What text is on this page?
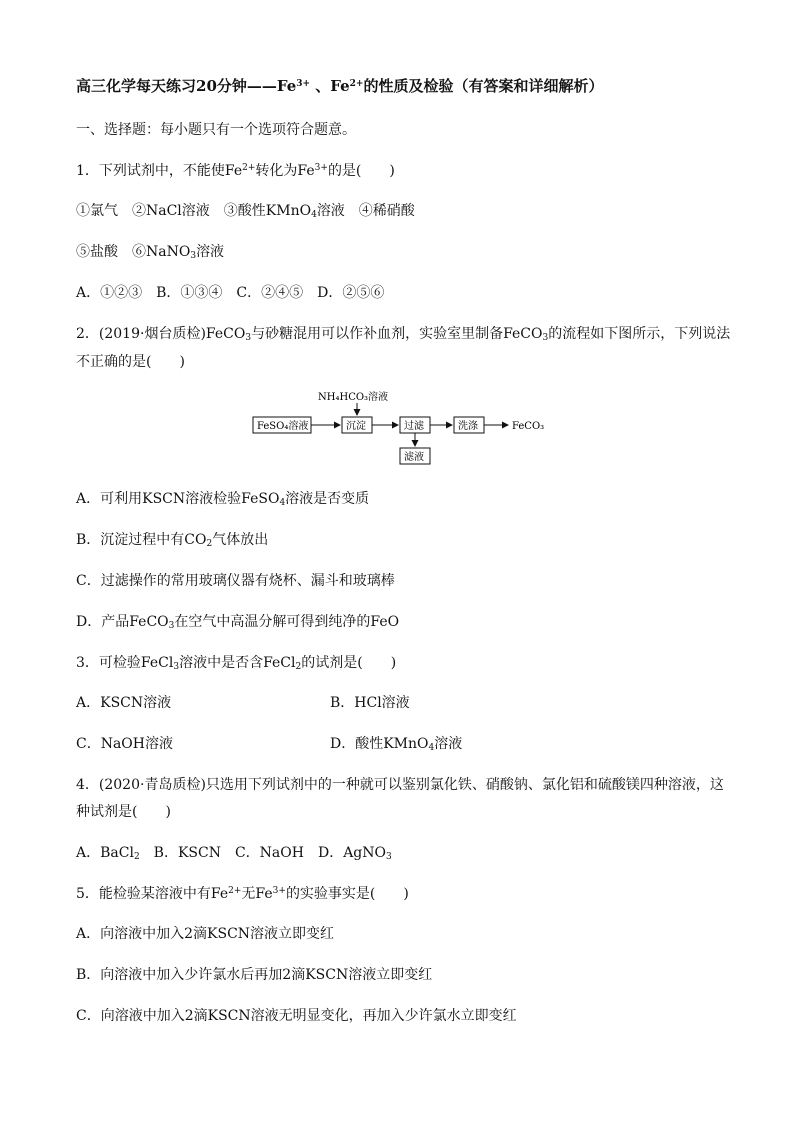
高三化学每天练习20分钟$——Fe^{3+}$ 、$Fe^{2+}$的性质及检验（有答案和详细解析）
一、选择题：每小题只有一个选项符合题意。
1．下列试剂中，不能使$Fe^{2+}$转化为$Fe^{3+}$的是(　　)
①氯气　②NaCl溶液　③酸性KMnO$_4$溶液　④稀硝酸
⑤盐酸　⑥NaNO$_3$溶液
A．①②③　B．①③④　C．②④⑤　D．②⑤⑥
2．(2019·烟台质检)FeCO$_3$与砂糖混用可以作补血剂，实验室里制备FeCO$_3$的流程如下图所示，下列说法
不正确的是(　　)
NH₄HCO₃溶液
FeSO₄溶液	沉淀	过滤	洗涤	FeCO₃
滤液
A．可利用KSCN溶液检验FeSO$_4$溶液是否变质
B．沉淀过程中有$CO_2$气体放出
C．过滤操作的常用玻璃仪器有烧杯、漏斗和玻璃棒
D．产品FeCO$_3$在空气中高温分解可得到纯净的FeO
3．可检验FeCl$_3$溶液中是否含FeCl$_2$的试剂是(　　)
A．KSCN溶液	B．HCl溶液
C．NaOH溶液	D．酸性KMnO$_4$溶液
4．(2020·青岛质检)只选用下列试剂中的一种就可以鉴别氯化铁、硝酸钠、氯化铝和硫酸镁四种溶液，这
种试剂是(　　)
A．BaCl$_2$　B．KSCN　C．NaOH　D．AgNO$_3$
5．能检验某溶液中有$Fe^{2+}$无$Fe^{3+}$的实验事实是(　　)
A．向溶液中加入2滴KSCN溶液立即变红
B．向溶液中加入少许氯水后再加2滴KSCN溶液立即变红
C．向溶液中加入2滴KSCN溶液无明显变化，再加入少许氯水立即变红
